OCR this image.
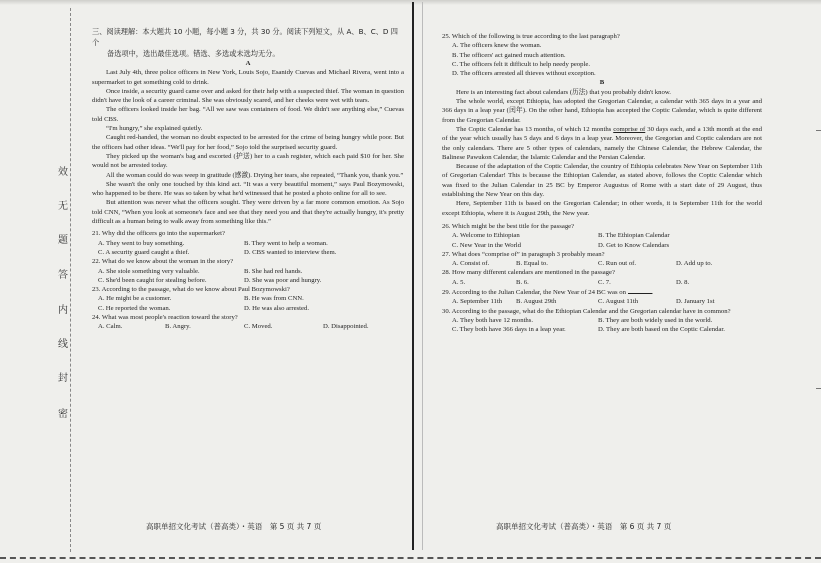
效
无
题
答
内
线
封
密

三、阅读理解：本大题共 10 小题，每小题 3 分，共 30 分。阅读下列短文，从 A、B、C、D 四个

备选项中，选出最佳选项。错选、多选或未选均无分。

A

Last July 4th, three police officers in New York, Louis Sojo, Esanidy Cuevas and Michael Rivera, went into a supermarket to get something cold to drink.

Once inside, a security guard came over and asked for their help with a suspected thief. The woman in question didn't have the look of a career criminal. She was obviously scared, and her cheeks were wet with tears.

The officers looked inside her bag. “All we saw was containers of food. We didn't see anything else,” Cuevas told CBS.

“I'm hungry,” she explained quietly.

Caught red-handed, the woman no doubt expected to be arrested for the crime of being hungry while poor. But the officers had other ideas. “We'll pay for her food,” Sojo told the surprised security guard.

They picked up the woman's bag and escorted (护送) her to a cash register, which each paid $10 for her. She would not be arrested today.

All the woman could do was weep in gratitude (感激). Drying her tears, she repeated, “Thank you, thank you.”

She wasn't the only one touched by this kind act. “It was a very beautiful moment,” says Paul Bozymowski, who happened to be there. He was so taken by what he'd witnessed that he posted a photo online for all to see.

But attention was never what the officers sought. They were driven by a far more common emotion. As Sojo told CNN, “When you look at someone's face and see that they need you and that they're actually hungry, it's pretty difficult as a human being to walk away from something like this.”

21. Why did the officers go into the supermarket?

A. They went to buy something.	B. They went to help a woman.
C. A security guard caught a thief.	D. CBS wanted to interview them.

22. What do we know about the woman in the story?

A. She stole something very valuable.	B. She had red hands.
C. She'd been caught for stealing before.	D. She was poor and hungry.

23. According to the passage, what do we know about Paul Bozymowski?

A. He might be a customer.	B. He was from CNN.
C. He reported the woman.	D. He was also arrested.

24. What was most people's reaction toward the story?

A. Calm.	B. Angry.	C. Moved.	D. Disappointed.
高职单招文化考试（普高类）・英语　第 5 页 共 7 页

25. Which of the following is true according to the last paragraph?

A. The officers knew the woman.

B. The officers' act gained much attention.

C. The officers felt it difficult to help needy people.

D. The officers arrested all thieves without exception.

B

Here is an interesting fact about calendars (历法) that you probably didn't know.

The whole world, except Ethiopia, has adopted the Gregorian Calendar, a calendar with 365 days in a year and 366 days in a leap year (闰年). On the other hand, Ethiopia has accepted the Coptic Calendar, which is quite different from the Gregorian Calendar.

The Coptic Calendar has 13 months, of which 12 months comprise of 30 days each, and a 13th month at the end of the year which usually has 5 days and 6 days in a leap year. Moreover, the Gregorian and Coptic calendars are not the only calendars. There are 5 other types of calendars, namely the Chinese Calendar, the Hebrew Calendar, the Balinese Pawukon Calendar, the Islamic Calendar and the Persian Calendar.

Because of the adaptation of the Coptic Calendar, the country of Ethiopia celebrates New Year on September 11th of Gregorian Calendar! This is because the Ethiopian Calendar, as stated above, follows the Coptic Calendar which was fixed to the Julian Calendar in 25 BC by Emperor Augustus of Rome with a start date of 29 August, thus establishing the New Year on this day.

Here, September 11th is based on the Gregorian Calendar; in other words, it is September 11th for the world except Ethiopia, where it is August 29th, the New year.

26. Which might be the best title for the passage?

A. Welcome to Ethiopian	B. The Ethiopian Calendar
C. New Year in the World	D. Get to Know Calendars

27. What does “comprise of” in paragraph 3 probably mean?

A. Consist of.	B. Equal to.	C. Run out of.	D. Add up to.

28. How many different calendars are mentioned in the passage?

A. 5.	B. 6.	C. 7.	D. 8.

29. According to the Julian Calendar, the New Year of 24 BC was on	.

A. September 11th	B. August 29th	C. August 11th	D. January 1st

30. According to the passage, what do the Ethiopian Calendar and the Gregorian calendar have in common?

A. They both have 12 months.	B. They are both widely used in the world.
C. They both have 366 days in a leap year.	D. They are both based on the Coptic Calendar.
高职单招文化考试（普高类）・英语　第 6 页 共 7 页
